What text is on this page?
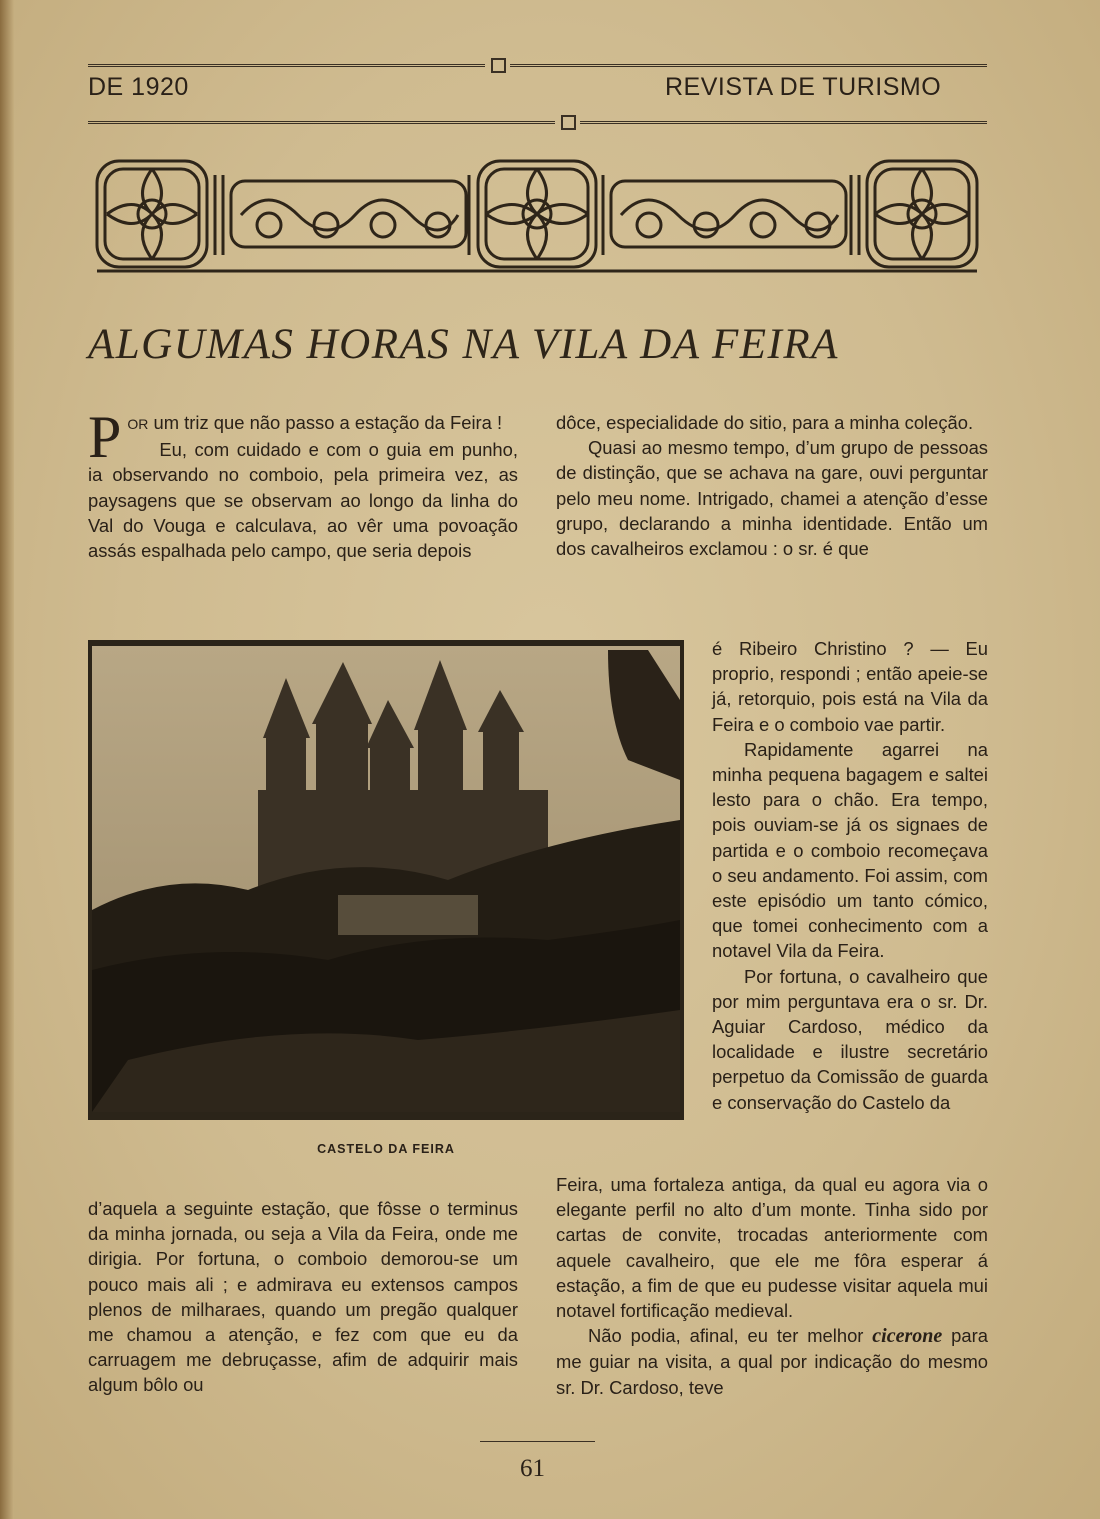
DE 1920	REVISTA DE TURISMO
ALGUMAS HORAS NA VILA DA FEIRA

P OR um triz que não passo a estação da Feira !

Eu, com cuidado e com o guia em punho, ia observando no comboio, pela primeira vez, as paysagens que se observam ao longo da linha do Val do Vouga e calculava, ao vêr uma povoação assás espalhada pelo campo, que seria depois

CASTELO DA FEIRA

d’aquela a seguinte estação, que fôsse o terminus da minha jornada, ou seja a Vila da Feira, onde me dirigia. Por fortuna, o comboio demorou-se um pouco mais ali ; e admirava eu extensos campos plenos de milharaes, quando um pregão qualquer me chamou a atenção, e fez com que eu da carruagem me debruçasse, afim de adquirir mais algum bôlo ou

dôce, especialidade do sitio, para a minha coleção.

Quasi ao mesmo tempo, d’um grupo de pessoas de distinção, que se achava na gare, ouvi perguntar pelo meu nome. Intrigado, chamei a atenção d’esse grupo, declarando a minha identidade. Então um dos cavalheiros exclamou : o sr. é que

é Ribeiro Christino ? — Eu proprio, respondi ; então apeie-se já, retorquio, pois está na Vila da Feira e o comboio vae partir.

Rapidamente agarrei na minha pequena bagagem e saltei lesto para o chão. Era tempo, pois ouviam-se já os signaes de partida e o comboio recomeçava o seu andamento. Foi assim, com este episódio um tanto cómico, que tomei conhecimento com a notavel Vila da Feira.

Por fortuna, o cavalheiro que por mim perguntava era o sr. Dr. Aguiar Cardoso, médico da localidade e ilustre secretário perpetuo da Comissão de guarda e conservação do Castelo da

Feira, uma fortaleza antiga, da qual eu agora via o elegante perfil no alto d’um monte. Tinha sido por cartas de convite, trocadas anteriormente com aquele cavalheiro, que ele me fôra esperar á estação, a fim de que eu pudesse visitar aquela mui notavel fortificação medieval.

Não podia, afinal, eu ter melhor cicerone para me guiar na visita, a qual por indicação do mesmo sr. Dr. Cardoso, teve

61
